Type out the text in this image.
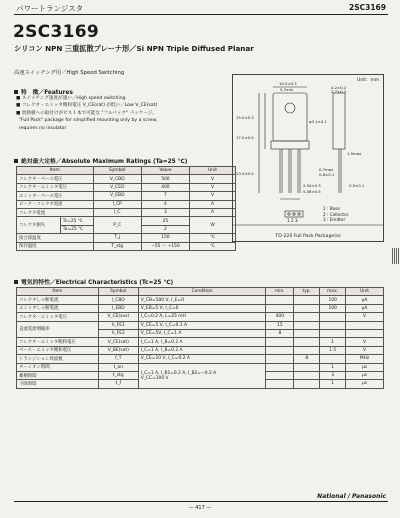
パワートランジスタ	2SC3169
2SC3169
シリコン NPN 三重拡散プレーナ形／Si NPN Triple Diffused Planar
高速スイッチング用／High Speed Switching
特　徴／Features
■ スイッチング速度が速い／High speed switching
■ コレクタ・エミッタ飽和電圧 V_CE(sat) が低い／Low V_CE(sat)
■ 放熱板への取付けがビス１本で可能な "フルパック" パッケージ。
"Full Pack" package for simplified mounting only by a screw,
requires no insulator
絶対最大定格／Absolute Maximum Ratings (Ta=25 ℃)
Item		Symbol	Value	Unit
コレクタ・ベース電圧		V_CBO	500	V
コレクタ・エミッタ電圧		V_CEO	400	V
エミッタ・ベース電圧		V_EBO	7	V
ピーク・コレクタ電流		I_CP	4	A
コレクタ電流		I_C	3	A
コレクタ損失	Tc=25 ℃	P_C	25	W
	Ta=25 ℃		2	
接合部温度		T_j	150	℃
保存温度		T_stg	−55 ～ +150	℃
Unit：mm
10.0±0.3
5.7min	4.2±0.2
2.7±0.3
φ3.1±0.1
15.0±0.3
17.0±0.5
1.5max
13.5±0.5
0.7max
0.8±0.1
2.54±0.3
5.08±0.5
0.5±0.1
1 2 3
1 : Base
2 : Collector
3 : Emitter
TO-220 Full Pack Package(a)
電気的特性／Electrical Characteristics (Tc=25 ℃)
Item	Symbol	Condition	min.	typ.	max.	Unit
コレクタしゃ断電流	I_CBO	V_CB=500 V, I_E=0			100	μA
エミッタしゃ断電流	I_EBO	V_EB=5 V, I_C=0			100	μA
コレクタ・エミッタ電圧	V_CE(sus)	I_C=0.2 A, L=25 mH	400			V
直流電流増幅率	h_FE1	V_CE=5 V, I_C=0.1 A	15			
	h_FE2	V_CE=5V, I_C=1 A	8			
コレクタ・エミッタ飽和電圧	V_CE(sat)	I_C=1 A, I_B=0.2 A			1	V
ベース・エミッタ飽和電圧	V_BE(sat)	I_C=1 A, I_B=0.2 A			1.5	V
トランジション周波数	f_T	V_CE=10 V, I_C=0.2 A		8		MHz
ターンオン時間	t_on	I_C=1 A, I_B1=0.2 A, I_B2=−0.2 A
V_CC=100 V			1	μs
蓄積時間	t_stg				3	μs
下降時間	t_f				1	μs
National / Panasonic
— 417 —
